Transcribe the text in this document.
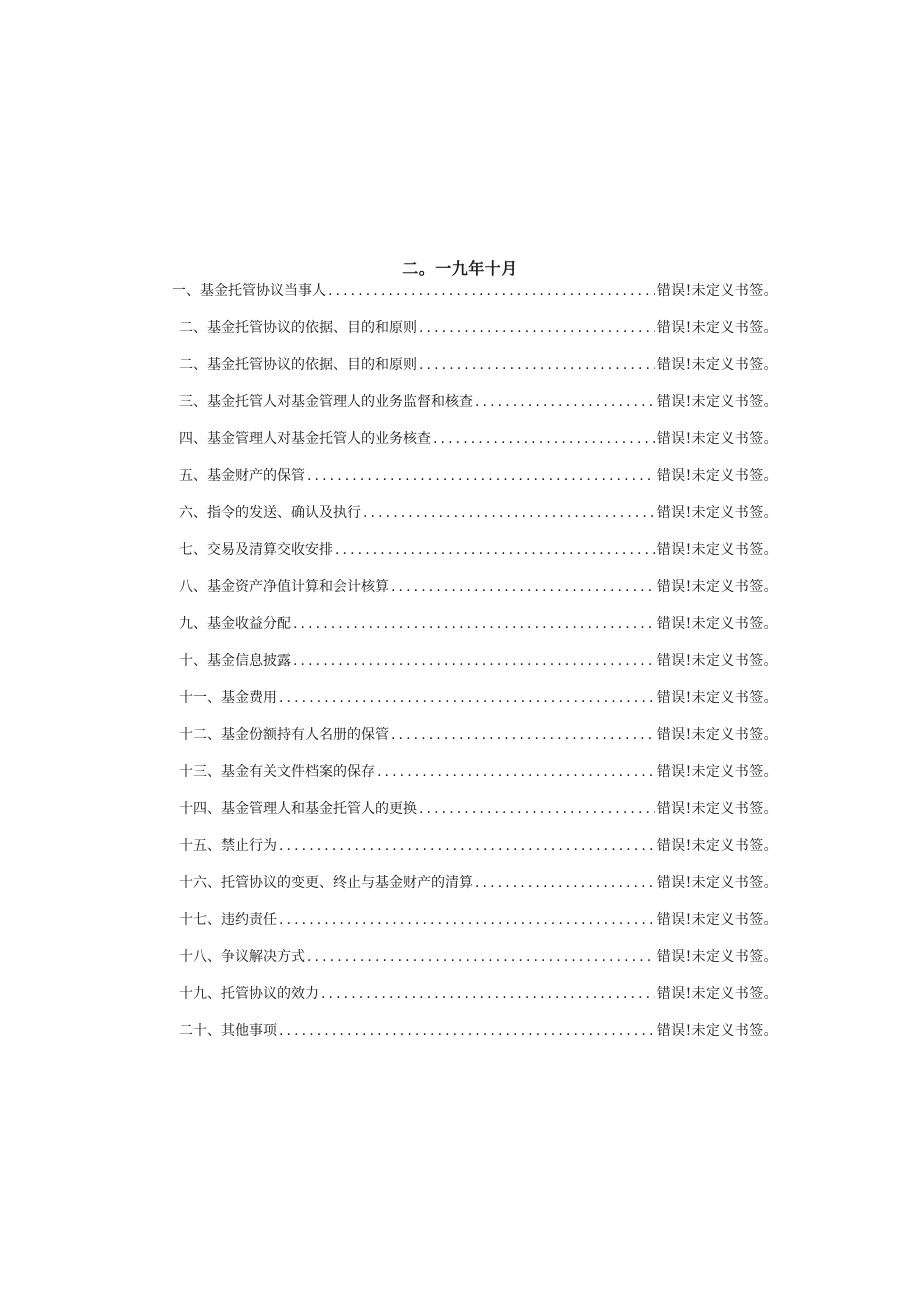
二。一九年十月
一、基金托管协议当事人 .....	错误!未定义书签。
二、基金托管协议的依据、目的和原则 .....	错误!未定义书签。
二、基金托管协议的依据、目的和原则 .....	错误!未定义书签。
三、基金托管人对基金管理人的业务监督和核查 .....	错误!未定义书签。
四、基金管理人对基金托管人的业务核查 .....	错误!未定义书签。
五、基金财产的保管 .....	错误!未定义书签。
六、指令的发送、确认及执行 .....	错误!未定义书签。
七、交易及清算交收安排 .....	错误!未定义书签。
八、基金资产净值计算和会计核算 .....	错误!未定义书签。
九、基金收益分配 .....	错误!未定义书签。
十、基金信息披露 .....	错误!未定义书签。
十一、基金费用 .....	错误!未定义书签。
十二、基金份额持有人名册的保管 .....	错误!未定义书签。
十三、基金有关文件档案的保存 .....	错误!未定义书签。
十四、基金管理人和基金托管人的更换 .....	错误!未定义书签。
十五、禁止行为 .....	错误!未定义书签。
十六、托管协议的变更、终止与基金财产的清算 .....	错误!未定义书签。
十七、违约责任 .....	错误!未定义书签。
十八、争议解决方式 .....	错误!未定义书签。
十九、托管协议的效力 .....	错误!未定义书签。
二十、其他事项 .....	错误!未定义书签。
